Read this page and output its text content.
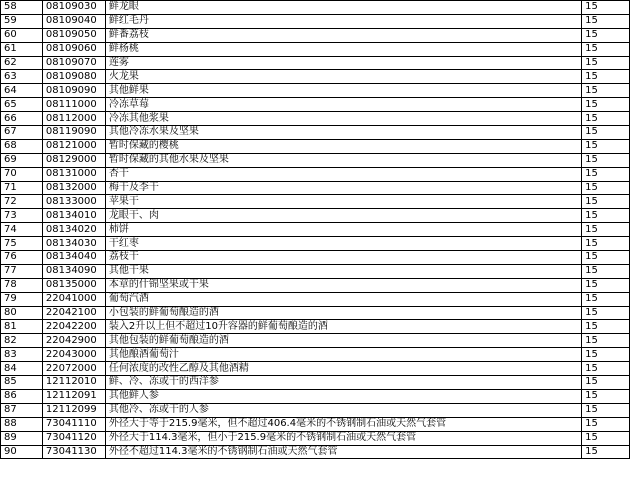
58	08109030	鲜龙眼	15
59	08109040	鲜红毛丹	15
60	08109050	鲜番荔枝	15
61	08109060	鲜杨桃	15
62	08109070	莲雾	15
63	08109080	火龙果	15
64	08109090	其他鲜果	15
65	08111000	冷冻草莓	15
66	08112000	冷冻其他浆果	15
67	08119090	其他冷冻水果及坚果	15
68	08121000	暂时保藏的樱桃	15
69	08129000	暂时保藏的其他水果及坚果	15
70	08131000	杏干	15
71	08132000	梅干及李干	15
72	08133000	苹果干	15
73	08134010	龙眼干、肉	15
74	08134020	柿饼	15
75	08134030	干红枣	15
76	08134040	荔枝干	15
77	08134090	其他干果	15
78	08135000	本章的什锦坚果或干果	15
79	22041000	葡萄汽酒	15
80	22042100	小包装的鲜葡萄酿造的酒	15
81	22042200	装入2升以上但不超过10升容器的鲜葡萄酿造的酒	15
82	22042900	其他包装的鲜葡萄酿造的酒	15
83	22043000	其他酿酒葡萄汁	15
84	22072000	任何浓度的改性乙醇及其他酒精	15
85	12112010	鲜、冷、冻或干的西洋参	15
86	12112091	其他鲜人参	15
87	12112099	其他冷、冻或干的人参	15
88	73041110	外径大于等于215.9毫米，但不超过406.4毫米的不锈钢制石油或天然气套管	15
89	73041120	外径大于114.3毫米，但小于215.9毫米的不锈钢制石油或天然气套管	15
90	73041130	外径不超过114.3毫米的不锈钢制石油或天然气套管	15
